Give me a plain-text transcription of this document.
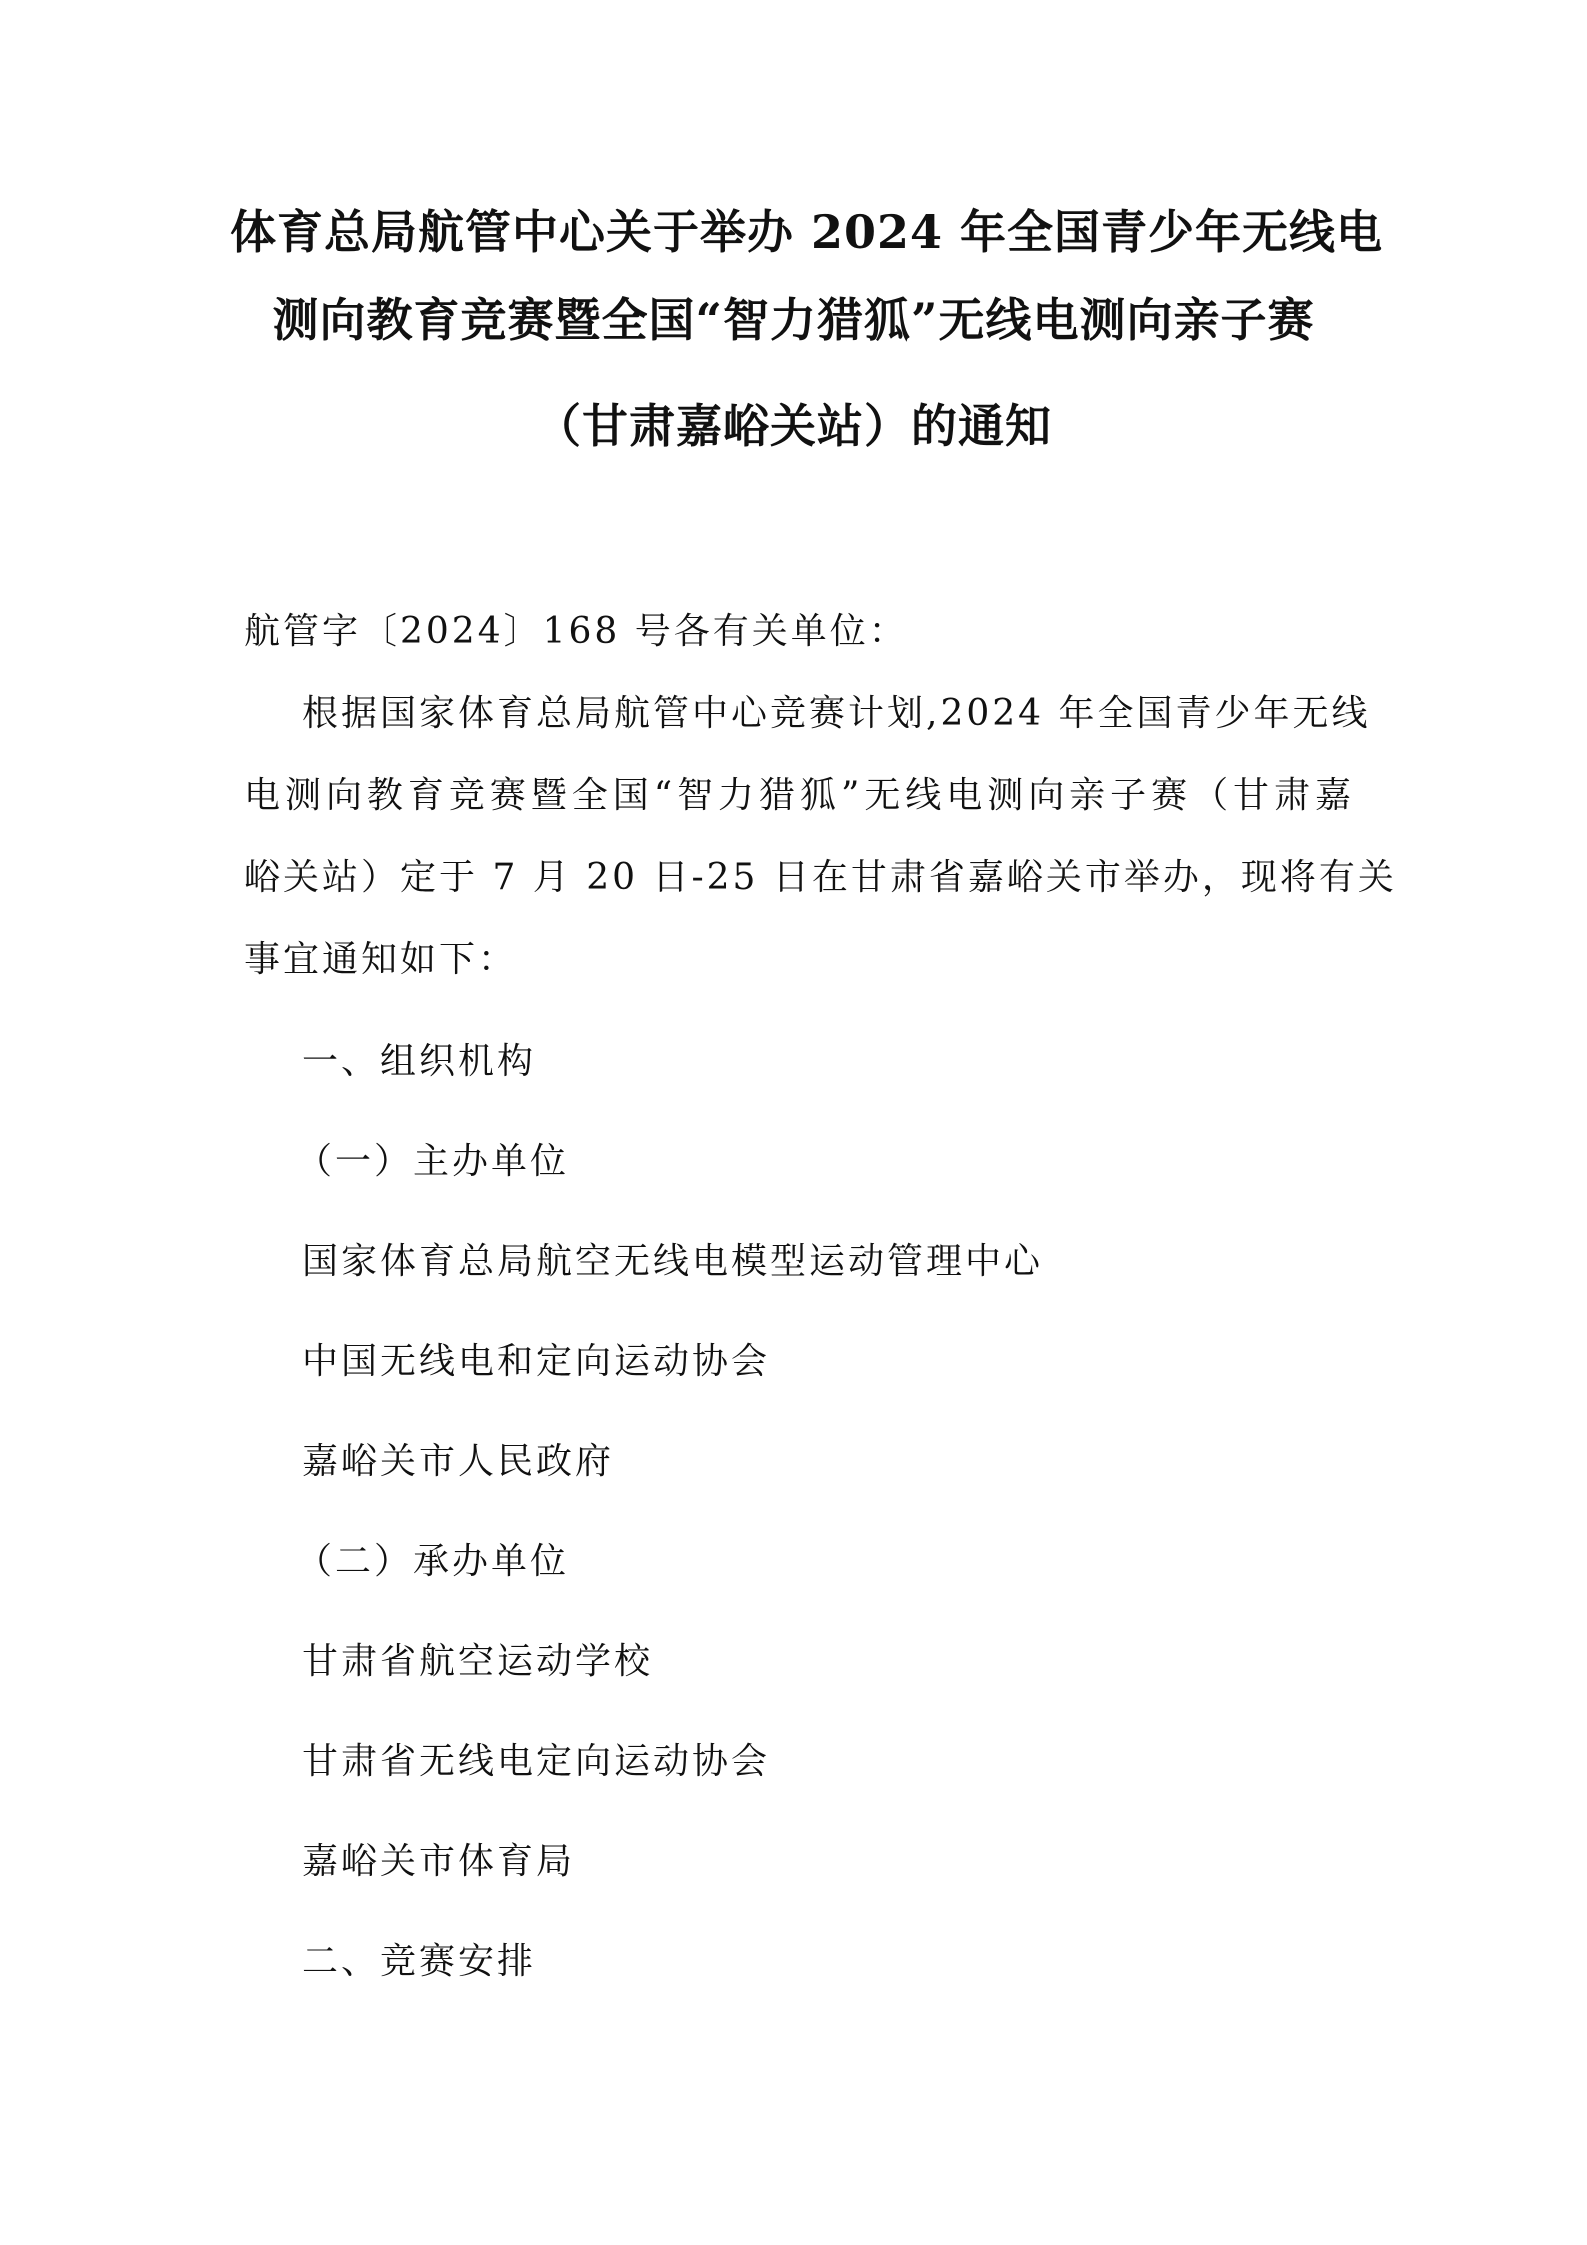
体育总局航管中心关于举办 2024 年全国青少年无线电
测向教育竞赛暨全国“智力猎狐”无线电测向亲子赛
（甘肃嘉峪关站）的通知
航管字〔2024〕168 号各有关单位：
根据国家体育总局航管中心竞赛计划,2024 年全国青少年无线
电测向教育竞赛暨全国“智力猎狐”无线电测向亲子赛（甘肃嘉
峪关站）定于 7 月 20 日-25 日在甘肃省嘉峪关市举办，现将有关
事宜通知如下：
一、组织机构
（一）主办单位
国家体育总局航空无线电模型运动管理中心
中国无线电和定向运动协会
嘉峪关市人民政府
（二）承办单位
甘肃省航空运动学校
甘肃省无线电定向运动协会
嘉峪关市体育局
二、竞赛安排
